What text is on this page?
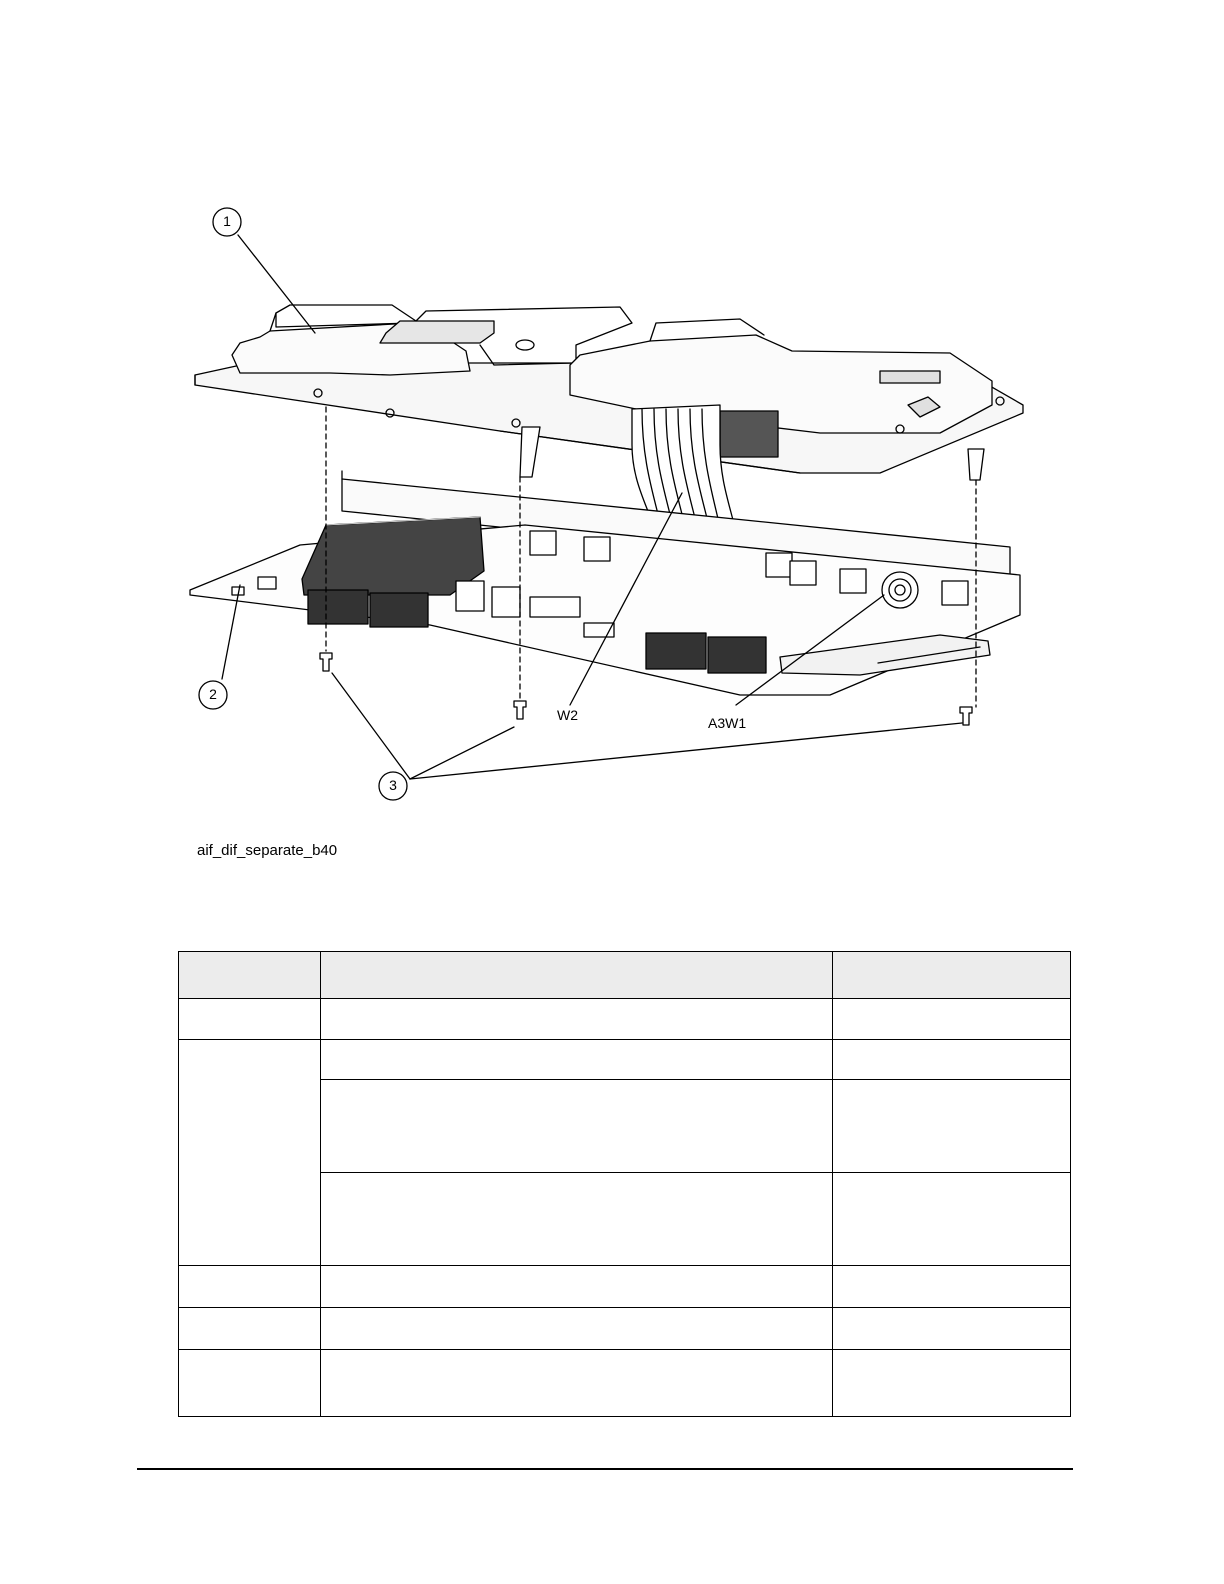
1
2
3
W2	A3W1
aif_dif_separate_b40
